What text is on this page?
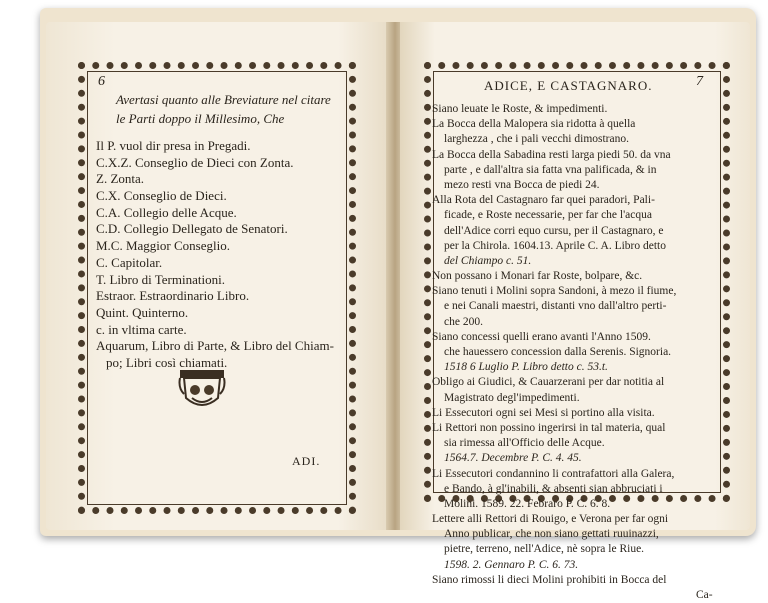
6
Avertasi quanto alle Breviature nel citare
le Parti doppo il Millesimo, Che
Il P. vuol dir presa in Pregadi.
C.X.Z. Conseglio de Dieci con Zonta.
Z. Zonta.
C.X. Conseglio de Dieci.
C.A. Collegio delle Acque.
C.D. Collegio Dellegato de Senatori.
M.C. Maggior Conseglio.
C. Capitolar.
T. Libro di Terminationi.
Estraor. Estraordinario Libro.
Quint. Quinterno.
c. in vltima carte.
Aquarum, Libro di Parte, & Libro del Chiam-
po; Libri così chiamati.
ADI.
ADICE, E CASTAGNARO.	7
Siano leuate le Roste, & impedimenti.
La Bocca della Malopera sia ridotta à quella
larghezza , che i pali vecchi dimostrano.
La Bocca della Sabadina resti larga piedi 50. da vna
parte , e dall'altra sia fatta vna palificada, & in
mezo resti vna Bocca de piedi 24.
Alla Rota del Castagnaro far quei paradori, Pali-
ficade, e Roste necessarie, per far che l'acqua
dell'Adice corri equo cursu, per il Castagnaro, e
per la Chirola. 1604.13. Aprile C. A. Libro detto
del Chiampo c. 51.
Non possano i Monari far Roste, bolpare, &c.
Siano tenuti i Molini sopra Sandoni, à mezo il fiume,
e nei Canali maestri, distanti vno dall'altro perti-
che 200.
Siano concessi quelli erano avanti l'Anno 1509.
che hauessero concession dalla Serenis. Signoria.
1518 6 Luglio P. Libro detto c. 53.t.
Obligo ai Giudici, & Cauarzerani per dar notitia al
Magistrato degl'impedimenti.
Li Essecutori ogni sei Mesi si portino alla visita.
Li Rettori non possino ingerirsi in tal materia, qual
sia rimessa all'Officio delle Acque.
1564.7. Decembre P. C. 4. 45.
Li Essecutori condannino li contrafattori alla Galera,
e Bando, à gl'inabili, & absenti sian abbruciati i
Molini. 1589. 22. Febraro P. C. 6. 8.
Lettere alli Rettori di Rouigo, e Verona per far ogni
Anno publicar, che non siano gettati ruuinazzi,
pietre, terreno, nell'Adice, nè sopra le Riue.
1598. 2. Gennaro P. C. 6. 73.
Siano rimossi li dieci Molini prohibiti in Bocca del
Ca-
